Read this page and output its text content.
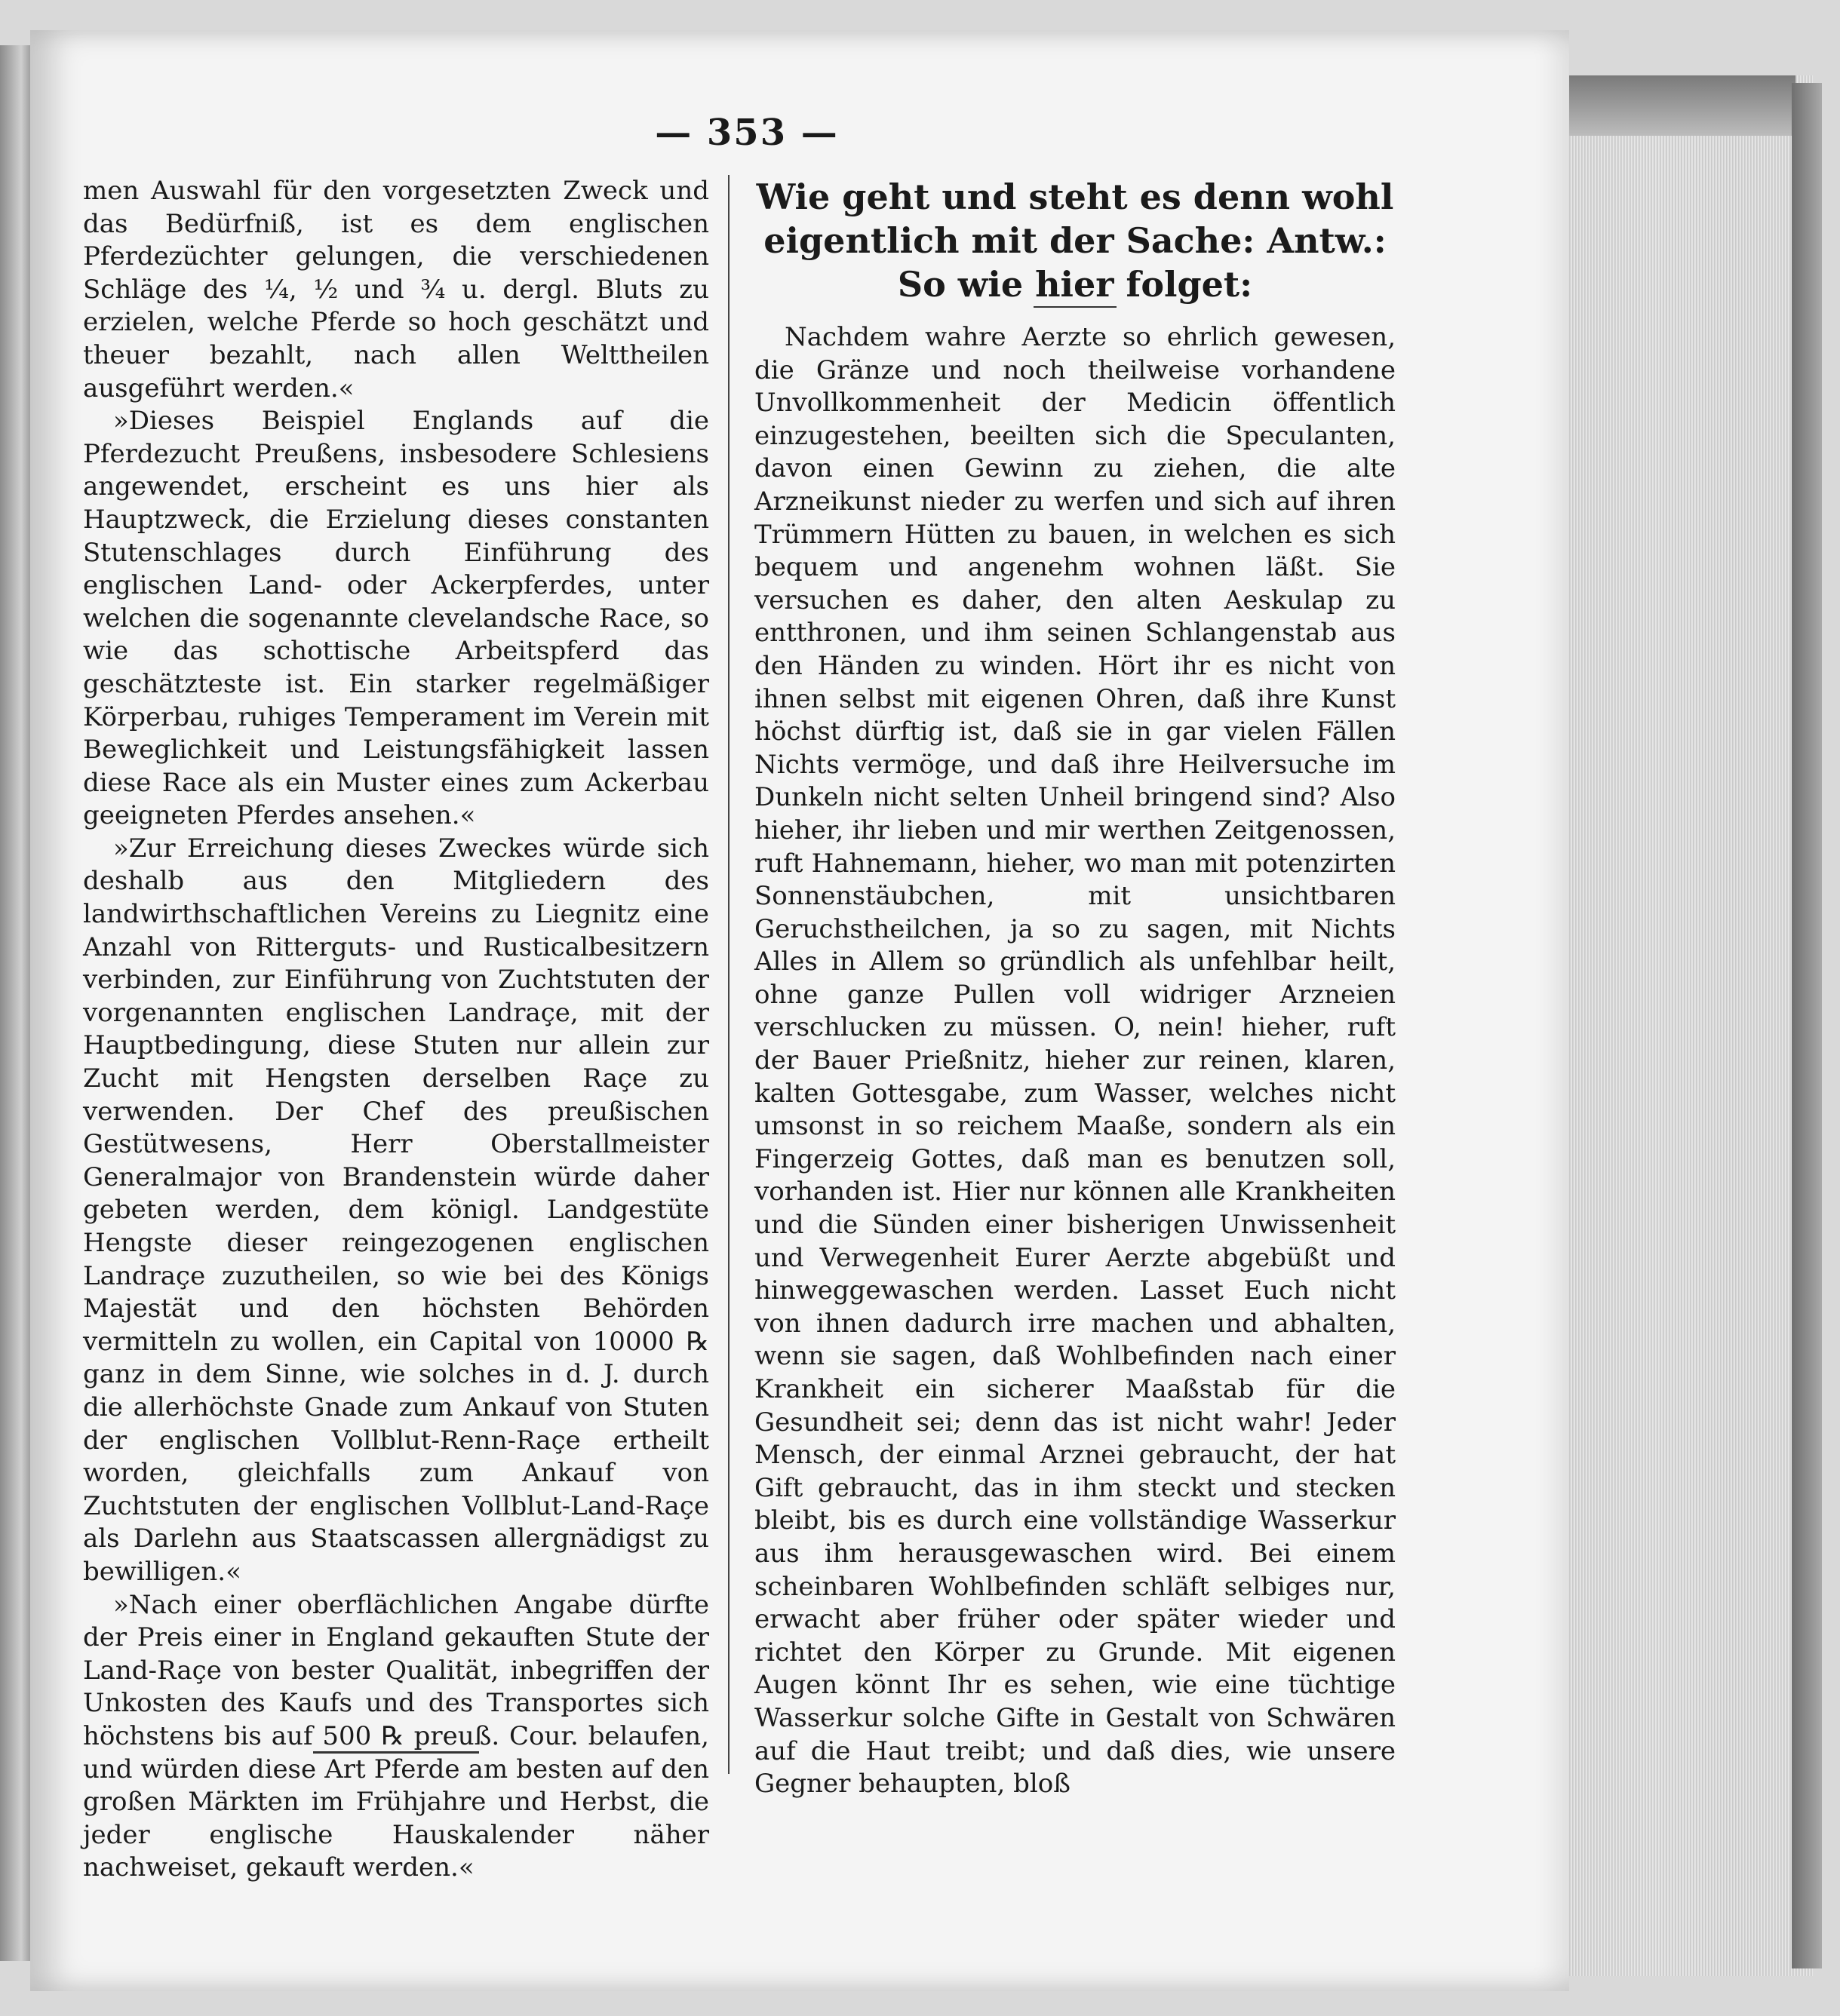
— 353 —

men Auswahl für den vorgesetzten Zweck und das Bedürfniß, ist es dem englischen Pferdezüchter gelungen, die verschiedenen Schläge des ¼, ½ und ¾ u. dergl. Bluts zu erzielen, welche Pferde so hoch geschätzt und theuer bezahlt, nach allen Welttheilen ausgeführt werden.«

»Dieses Beispiel Englands auf die Pferdezucht Preußens, insbesodere Schlesiens angewendet, erscheint es uns hier als Hauptzweck, die Erzielung dieses constanten Stutenschlages durch Einführung des englischen Land- oder Ackerpferdes, unter welchen die sogenannte clevelandsche Race, so wie das schottische Arbeitspferd das geschätzteste ist. Ein starker regelmäßiger Körperbau, ruhiges Temperament im Verein mit Beweglichkeit und Leistungsfähigkeit lassen diese Race als ein Muster eines zum Ackerbau geeigneten Pferdes ansehen.«

»Zur Erreichung dieses Zweckes würde sich deshalb aus den Mitgliedern des landwirthschaftlichen Vereins zu Liegnitz eine Anzahl von Ritterguts- und Rusticalbesitzern verbinden, zur Einführung von Zuchtstuten der vorgenannten englischen Landraçe, mit der Hauptbedingung, diese Stuten nur allein zur Zucht mit Hengsten derselben Raçe zu verwenden. Der Chef des preußischen Gestütwesens, Herr Oberstallmeister Generalmajor von Brandenstein würde daher gebeten werden, dem königl. Landgestüte Hengste dieser reingezogenen englischen Landraçe zuzutheilen, so wie bei des Königs Majestät und den höchsten Behörden vermitteln zu wollen, ein Capital von 10000 ℞ ganz in dem Sinne, wie solches in d. J. durch die allerhöchste Gnade zum Ankauf von Stuten der englischen Vollblut-Renn-Raçe ertheilt worden, gleichfalls zum Ankauf von Zuchtstuten der englischen Vollblut-Land-Raçe als Darlehn aus Staatscassen allergnädigst zu bewilligen.«

»Nach einer oberflächlichen Angabe dürfte der Preis einer in England gekauften Stute der Land-Raçe von bester Qualität, inbegriffen der Unkosten des Kaufs und des Transportes sich höchstens bis auf 500 ℞ preuß. Cour. belaufen, und würden diese Art Pferde am besten auf den großen Märkten im Frühjahre und Herbst, die jeder englische Hauskalender näher nachweiset, gekauft werden.«

Wie geht und steht es denn wohl eigentlich mit der Sache: Antw.: So wie hier folget:

Nachdem wahre Aerzte so ehrlich gewesen, die Gränze und noch theilweise vorhandene Unvollkommenheit der Medicin öffentlich einzugestehen, beeilten sich die Speculanten, davon einen Gewinn zu ziehen, die alte Arzneikunst nieder zu werfen und sich auf ihren Trümmern Hütten zu bauen, in welchen es sich bequem und angenehm wohnen läßt. Sie versuchen es daher, den alten Aeskulap zu entthronen, und ihm seinen Schlangenstab aus den Händen zu winden. Hört ihr es nicht von ihnen selbst mit eigenen Ohren, daß ihre Kunst höchst dürftig ist, daß sie in gar vielen Fällen Nichts vermöge, und daß ihre Heilversuche im Dunkeln nicht selten Unheil bringend sind? Also hieher, ihr lieben und mir werthen Zeitgenossen, ruft Hahnemann, hieher, wo man mit potenzirten Sonnenstäubchen, mit unsichtbaren Geruchstheilchen, ja so zu sagen, mit Nichts Alles in Allem so gründlich als unfehlbar heilt, ohne ganze Pullen voll widriger Arzneien verschlucken zu müssen. O, nein! hieher, ruft der Bauer Prießnitz, hieher zur reinen, klaren, kalten Gottesgabe, zum Wasser, welches nicht umsonst in so reichem Maaße, sondern als ein Fingerzeig Gottes, daß man es benutzen soll, vorhanden ist. Hier nur können alle Krankheiten und die Sünden einer bisherigen Unwissenheit und Verwegenheit Eurer Aerzte abgebüßt und hinweggewaschen werden. Lasset Euch nicht von ihnen dadurch irre machen und abhalten, wenn sie sagen, daß Wohlbefinden nach einer Krankheit ein sicherer Maaßstab für die Gesundheit sei; denn das ist nicht wahr! Jeder Mensch, der einmal Arznei gebraucht, der hat Gift gebraucht, das in ihm steckt und stecken bleibt, bis es durch eine vollständige Wasserkur aus ihm herausgewaschen wird. Bei einem scheinbaren Wohlbefinden schläft selbiges nur, erwacht aber früher oder später wieder und richtet den Körper zu Grunde. Mit eigenen Augen könnt Ihr es sehen, wie eine tüchtige Wasserkur solche Gifte in Gestalt von Schwären auf die Haut treibt; und daß dies, wie unsere Gegner behaupten, bloß
